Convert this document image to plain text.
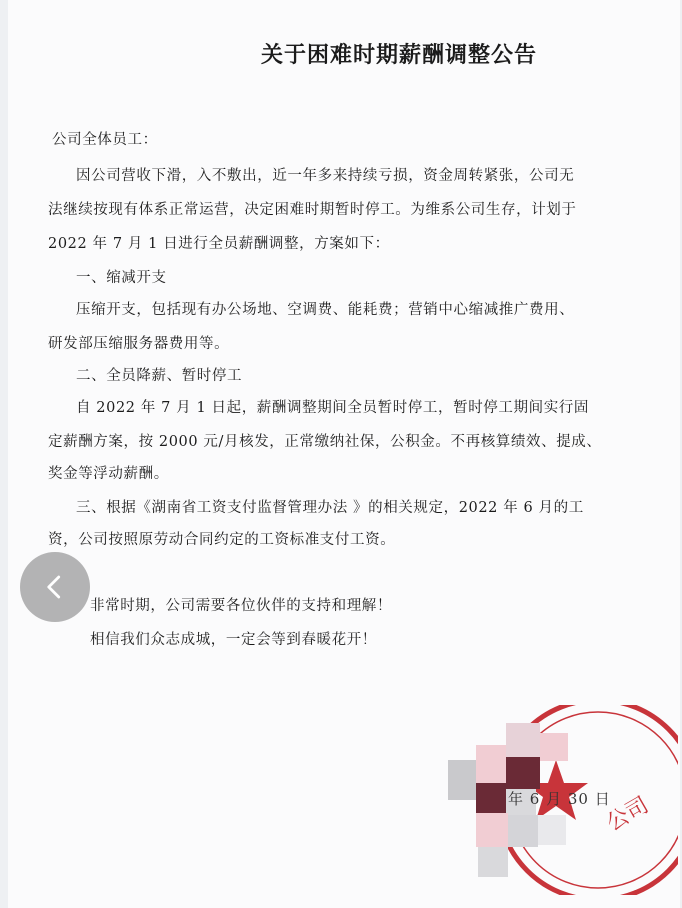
关于困难时期薪酬调整公告
公司全体员工：
因公司营收下滑，入不敷出，近一年多来持续亏损，资金周转紧张，公司无
法继续按现有体系正常运营，决定困难时期暂时停工。为维系公司生存，计划于
2022 年 7 月 1 日进行全员薪酬调整，方案如下：
一、缩减开支
压缩开支，包括现有办公场地、空调费、能耗费；营销中心缩减推广费用、
研发部压缩服务器费用等。
二、全员降薪、暂时停工
自 2022 年 7 月 1 日起，薪酬调整期间全员暂时停工，暂时停工期间实行固
定薪酬方案，按 2000 元/月核发，正常缴纳社保，公积金。不再核算绩效、提成、
奖金等浮动薪酬。
三、根据《湖南省工资支付监督管理办法 》的相关规定，2022 年 6 月的工
资，公司按照原劳动合同约定的工资标准支付工资。
非常时期，公司需要各位伙伴的支持和理解！
相信我们众志成城，一定会等到春暖花开！
公司
年 6 月 30 日
